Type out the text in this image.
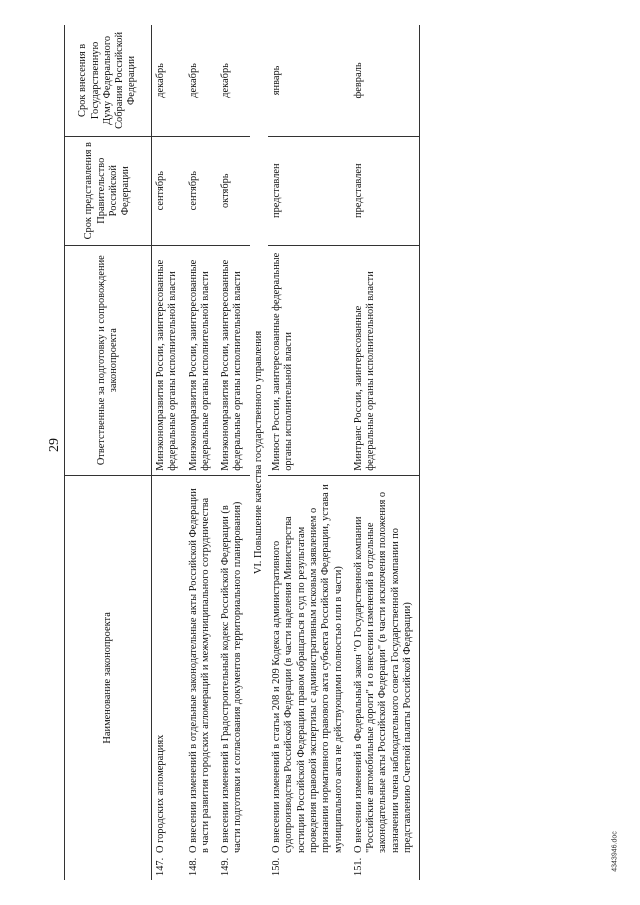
29
4343946.doc
Наименование законопроекта	Ответственные за подготовку и сопровождение законопроекта	Срок представления в Правительство Российской Федерации	Срок внесения в Государственную Думу Федерального Собрания Российской Федерации
147.О городских агломерациях	Минэкономразвития России, заинтересованные федеральные органы исполнительной власти	сентябрь	декабрь
148.О внесении изменений в отдельные законодательные акты Российской Федерации в части развития городских агломераций и межмуниципального сотрудничества	Минэкономразвития России, заинтересованные федеральные органы исполнительной власти	сентябрь	декабрь
149.О внесении изменений в Градостроительный кодекс Российской Федерации (в части подготовки и согласования документов территориального планирования)	Минэкономразвития России, заинтересованные федеральные органы исполнительной власти	октябрь	декабрь
VI. Повышение качества государственного управления			
150.О внесении изменений в статьи 208 и 209 Кодекса административного судопроизводства Российской Федерации (в части наделения Министерства юстиции Российской Федерации правом обращаться в суд по результатам проведения правовой экспертизы с административным исковым заявлением о признании нормативного правового акта субъекта Российской Федерации, устава и муниципального акта не действующими полностью или в части)	Минюст России, заинтересованные федеральные органы исполнительной власти	представлен	январь
151.О внесении изменений в Федеральный закон "О Государственной компании "Российские автомобильные дороги" и о внесении изменений в отдельные законодательные акты Российской Федерации" (в части исключения положения о назначении члена наблюдательного совета Государственной компании по представлению Счетной палаты Российской Федерации)	Минтранс России, заинтересованные федеральные органы исполнительной власти	представлен	февраль
